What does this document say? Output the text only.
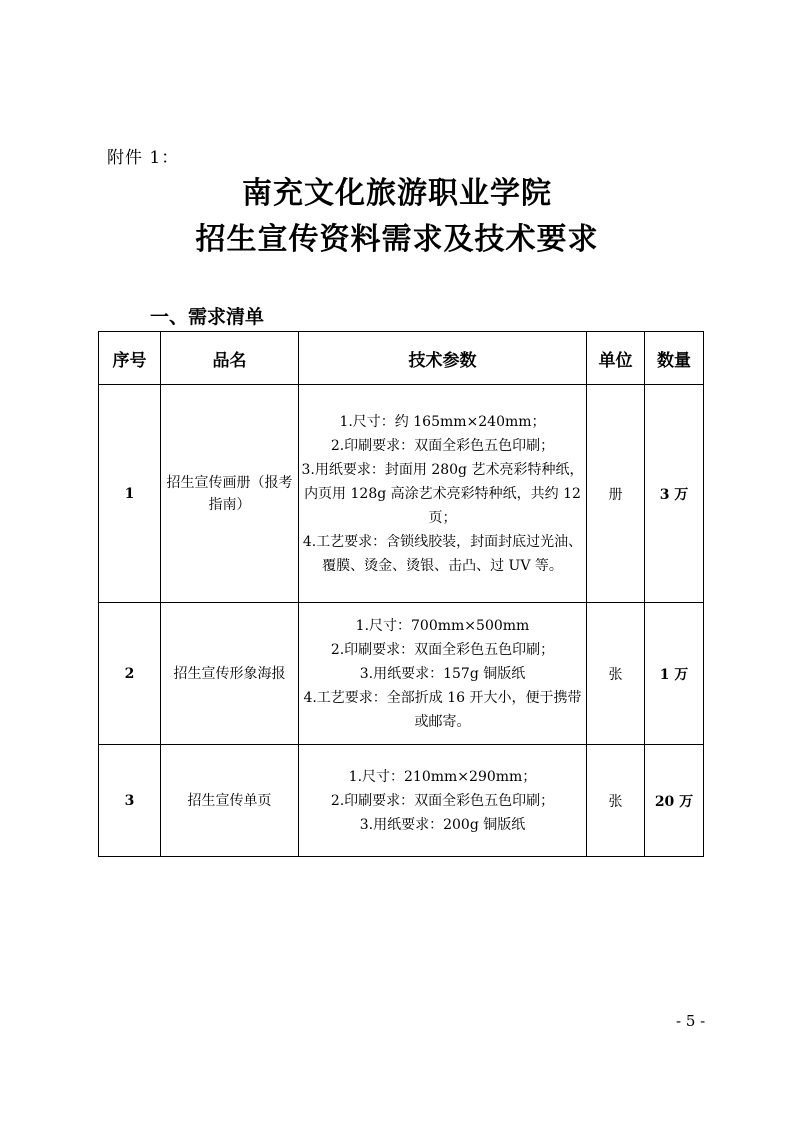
附件 1：
南充文化旅游职业学院
招生宣传资料需求及技术要求
一、需求清单
序号	品名	技术参数	单位	数量
1	招生宣传画册（报考指南）	1.尺寸：约 165mm×240mm；
2.印刷要求：双面全彩色五色印刷；
3.用纸要求：封面用 280g 艺术亮彩特种纸，内页用 128g 高涂艺术亮彩特种纸，共约 12 页；
4.工艺要求：含锁线胶装，封面封底过光油、覆膜、烫金、烫银、击凸、过 UV 等。	册	3 万
2	招生宣传形象海报	1.尺寸：700mm×500mm
2.印刷要求：双面全彩色五色印刷；
3.用纸要求：157g 铜版纸
4.工艺要求：全部折成 16 开大小，便于携带或邮寄。	张	1 万
3	招生宣传单页	1.尺寸：210mm×290mm；
2.印刷要求：双面全彩色五色印刷；
3.用纸要求：200g 铜版纸	张	20 万
- 5 -
